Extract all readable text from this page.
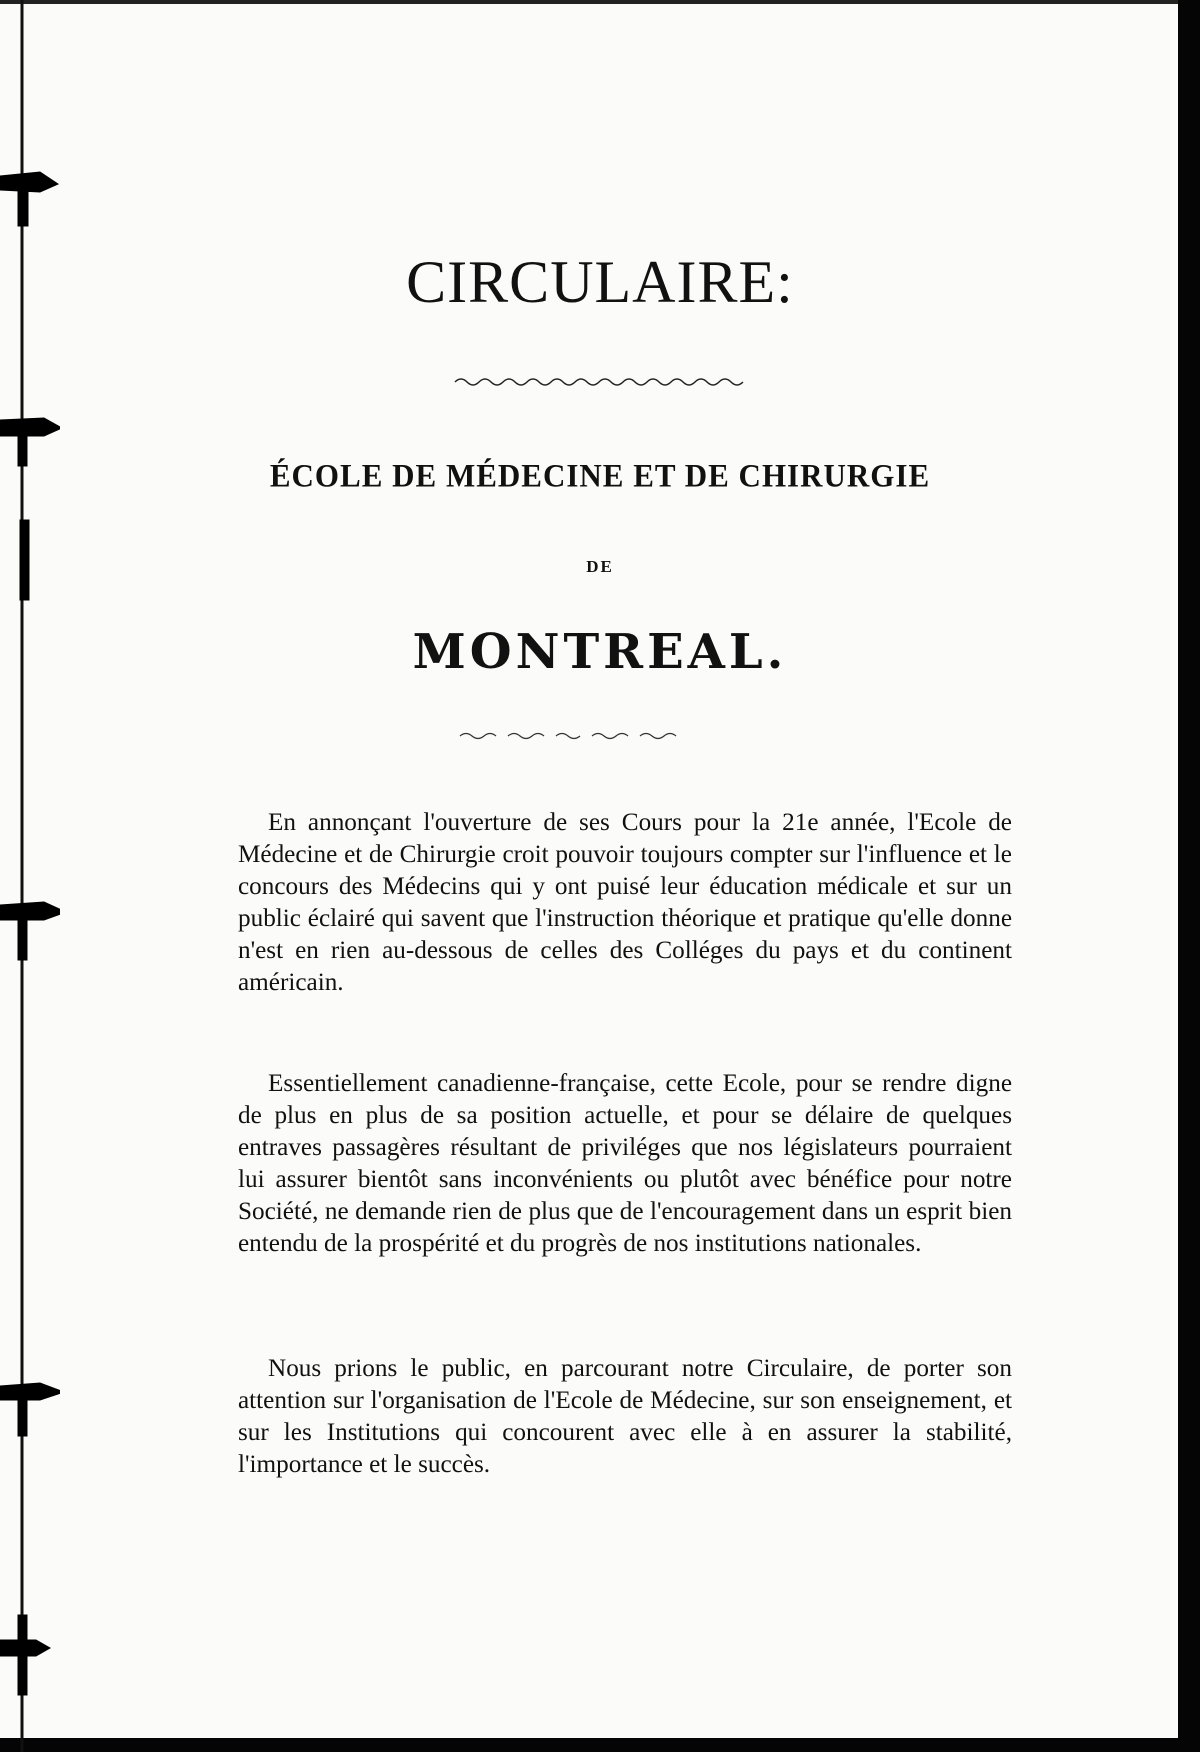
CIRCULAIRE:
ÉCOLE DE MÉDECINE ET DE CHIRURGIE
DE
MONTREAL.

En annonçant l'ouverture de ses Cours pour la 21e année, l'Ecole de Médecine et de Chirurgie croit pouvoir toujours compter sur l'influence et le concours des Médecins qui y ont puisé leur éducation médicale et sur un public éclairé qui savent que l'instruction théorique et pratique qu'elle donne n'est en rien au-dessous de celles des Colléges du pays et du continent américain.

Essentiellement canadienne-française, cette Ecole, pour se rendre digne de plus en plus de sa position actuelle, et pour se délaire de quelques entraves passagères résultant de priviléges que nos législateurs pourraient lui assurer bientôt sans inconvénients ou plutôt avec bénéfice pour notre Société, ne demande rien de plus que de l'encouragement dans un esprit bien entendu de la prospérité et du progrès de nos institutions nationales.

Nous prions le public, en parcourant notre Circulaire, de porter son attention sur l'organisation de l'Ecole de Médecine, sur son enseignement, et sur les Institutions qui concourent avec elle à en assurer la stabilité, l'importance et le succès.
